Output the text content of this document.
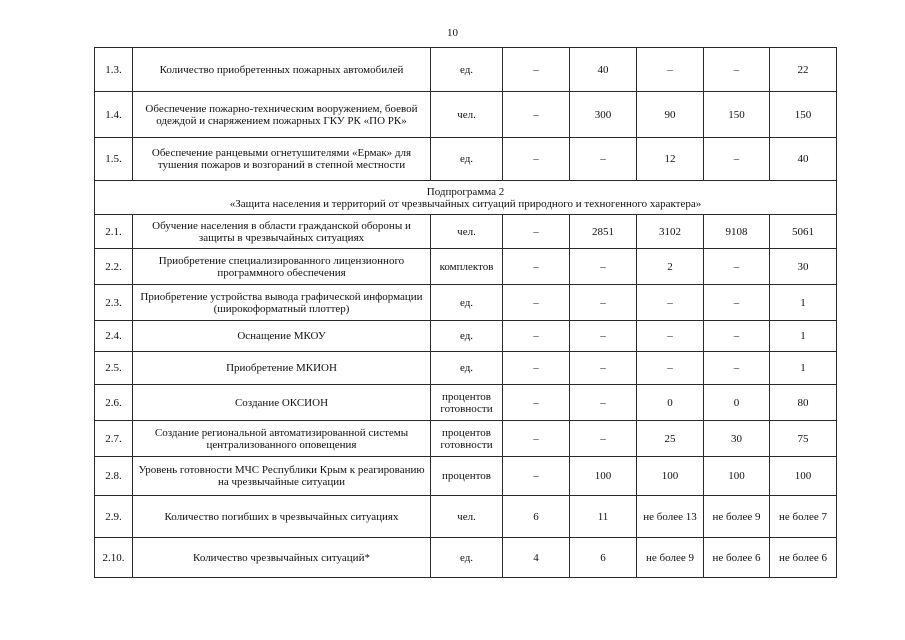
10
1.3.	Количество приобретенных пожарных автомобилей	ед.	–	40	–	–	22
1.4.	Обеспечение пожарно-техническим вооружением, боевой одеждой и снаряжением пожарных ГКУ РК «ПО РК»	чел.	–	300	90	150	150
1.5.	Обеспечение ранцевыми огнетушителями «Ермак» для тушения пожаров и возгораний в степной местности	ед.	–	–	12	–	40

Подпрограмма 2
«Защита населения и территорий от чрезвычайных ситуаций природного и техногенного характера»							

2.1.	Обучение населения в области гражданской обороны и защиты в чрезвычайных ситуациях	чел.	–	2851	3102	9108	5061
2.2.	Приобретение специализированного лицензионного программного обеспечения	комплектов	–	–	2	–	30
2.3.	Приобретение устройства вывода графической информации (широкоформатный плоттер)	ед.	–	–	–	–	1
2.4.	Оснащение МКОУ	ед.	–	–	–	–	1
2.5.	Приобретение МКИОН	ед.	–	–	–	–	1
2.6.	Создание ОКСИОН	процентов готовности	–	–	0	0	80
2.7.	Создание региональной автоматизированной системы централизованного оповещения	процентов готовности	–	–	25	30	75
2.8.	Уровень готовности МЧС Республики Крым к реагированию на чрезвычайные ситуации	процентов	–	100	100	100	100
2.9.	Количество погибших в чрезвычайных ситуациях	чел.	6	11	не более 13	не более 9	не более 7
2.10.	Количество чрезвычайных ситуаций*	ед.	4	6	не более 9	не более 6	не более 6
